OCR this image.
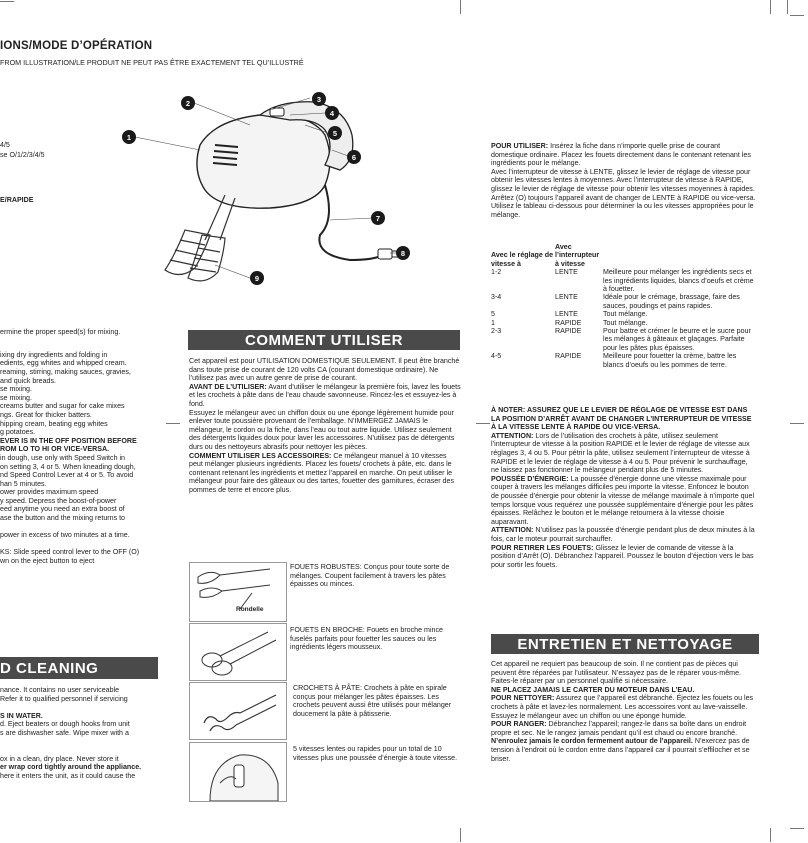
IONS/MODE D’OPÉRATION
FROM ILLUSTRATION/LE PRODUIT NE PEUT PAS ÊTRE EXACTEMENT TEL QU’ILLUSTRÉ
4/5
se O/1/2/3/4/5
E/RAPIDE
1
2	3
4
5
6
7
8
9

ermine the proper speed(s) for mixing.

ixing dry ingredients and folding in

edients, egg whites and whipped cream.

reaming, stirring, making sauces, gravies,

and quick breads.

se mixing.

se mixing.

creams butter and sugar for cake mixes

ngs. Great for thicker batters.

hipping cream, beating egg whites

g potatoes.

EVER IS IN THE OFF POSITION BEFORE

ROM LO TO HI OR VICE-VERSA.

in dough, use only with Speed Switch in

on setting 3, 4 or 5. When kneading dough,

nd Speed Control Lever at 4 or 5. To avoid

han 5 minutes.

ower provides maximum speed

y speed. Depress the boost-of-power

eed anytime you need an extra boost of

ase the button and the mixing returns to

power in excess of two minutes at a time.

KS: Slide speed control lever to the OFF (O)

wn on the eject button to eject

D CLEANING

nance. It contains no user serviceable

Refer it to qualified personnel if servicing

S IN WATER.

d. Eject beaters or dough hooks from unit

s are dishwasher safe. Wipe mixer with a

ox in a clean, dry place. Never store it

er wrap cord tightly around the appliance.

here it enters the unit, as it could cause the

COMMENT UTILISER

Cet appareil est pour UTILISATION DOMESTIQUE SEULEMENT. Il peut être branché dans toute prise de courant de 120 volts CA (courant domestique ordinaire). Ne l’utilisez pas avec un autre genre de prise de courant.

AVANT DE L’UTILISER: Avant d’utiliser le mélangeur la première fois, lavez les fouets et les crochets à pâte dans de l’eau chaude savonneuse. Rincez-les et essuyez-les à fond.

Essuyez le mélangeur avec un chiffon doux ou une éponge légèrement humide pour enlever toute poussière provenant de l’emballage. N’IMMERGEZ JAMAIS le mélangeur, le cordon ou la fiche, dans l’eau ou tout autre liquide. Utilisez seulement des détergents liquides doux pour laver les accessoires. N’utilisez pas de détergents durs ou des nettoyeurs abrasifs pour nettoyer les pièces.

COMMENT UTILISER LES ACCESSOIRES: Ce mélangeur manuel à 10 vitesses peut mélanger plusieurs ingrédients. Placez les fouets/ crochets à pâte, etc. dans le contenant retenant les ingrédients et mettez l’appareil en marche. On peut utiliser le mélangeur pour faire des gâteaux ou des tartes, fouetter des garnitures, écraser des pommes de terre et encore plus.

Rondelle
FOUETS ROBUSTES: Conçus pour toute sorte de mélanges. Coupent facilement à travers les pâtes épaisses ou minces.
FOUETS EN BROCHE: Fouets en broche mince fuselés parfaits pour fouetter les sauces ou les ingrédients légers mousseux.
CROCHETS À PÂTE: Crochets à pâte en spirale conçus pour mélanger les pâtes épaisses. Les crochets peuvent aussi être utilisés pour mélanger doucement la pâte à pâtisserie.
5 vitesses lentes ou rapides pour un total de 10 vitesses plus une poussée d’énergie à toute vitesse.

POUR UTILISER: Insérez la fiche dans n’importe quelle prise de courant domestique ordinaire. Placez les fouets directement dans le contenant retenant les ingrédients pour le mélange.

Avec l’interrupteur de vitesse à LENTE, glissez le levier de réglage de vitesse pour obtenir les vitesses lentes à moyennes. Avec l’interrupteur de vitesse à RAPIDE, glissez le levier de réglage de vitesse pour obtenir les vitesses moyennes à rapides. Arrêtez (O) toujours l’appareil avant de changer de LENTE à RAPIDE ou vice-versa.

Utilisez le tableau ci-dessous pour déterminer la ou les vitesses appropriées pour le mélange.

Avec le réglage de vitesse à	Avec l’interrupteur à vitesse	
1-2	LENTE	Meilleure pour mélanger les ingrédients secs et les ingrédients liquides, blancs d’oeufs et crème à fouetter.
3-4	LENTE	Idéale pour le crémage, brassage, faire des sauces, poudings et pains rapides.
5	LENTE	Tout mélange.
1	RAPIDE	Tout mélange.
2-3	RAPIDE	Pour battre et crémer le beurre et le sucre pour les mélanges à gâteaux et glaçages. Parfaite pour les pâtes plus épaisses.
4-5	RAPIDE	Meilleure pour fouetter la crème, battre les blancs d’oeufs ou les pommes de terre.

À NOTER: ASSUREZ QUE LE LEVIER DE RÉGLAGE DE VITESSE EST DANS LA POSITION D’ARRÊT AVANT DE CHANGER L’INTERRUPTEUR DE VITESSE À LA VITESSE LENTE À RAPIDE OU VICE-VERSA.

ATTENTION: Lors de l’utilisation des crochets à pâte, utilisez seulement l’interrupteur de vitesse à la position RAPIDE et le levier de réglage de vitesse aux réglages 3, 4 ou 5. Pour pétrir la pâte, utilisez seulement l’interrupteur de vitesse à RAPIDE et le levier de réglage de vitesse à 4 ou 5. Pour prévenir le surchauffage, ne laissez pas fonctionner le mélangeur pendant plus de 5 minutes.

POUSSÉE D’ÉNERGIE: La poussée d’énergie donne une vitesse maximale pour couper à travers les mélanges difficiles peu importe la vitesse. Enfoncez le bouton de poussée d’énergie pour obtenir la vitesse de mélange maximale à n’importe quel temps lorsque vous requérez une poussée supplémentaire d’énergie pour les pâtes épaisses. Relâchez le bouton et le mélange retournera à la vitesse choisie auparavant.

ATTENTION: N’utilisez pas la poussée d’énergie pendant plus de deux minutes à la fois, car le moteur pourrait surchauffer.

POUR RETIRER LES FOUETS: Glissez le levier de comande de vitesse à la position d’Arrêt (O). Débranchez l’appareil. Poussez le bouton d’éjection vers le bas pour sortir les fouets.

ENTRETIEN ET NETTOYAGE

Cet appareil ne requiert pas beaucoup de soin. Il ne contient pas de pièces qui peuvent être réparées par l’utilisateur. N’essayez pas de le réparer vous-même. Faites-le réparer par un personnel qualifié si nécessaire.

NE PLACEZ JAMAIS LE CARTER DU MOTEUR DANS L’EAU.

POUR NETTOYER: Assurez que l’appareil est débranché. Éjectez les fouets ou les crochets à pâte et lavez-les normalement. Les accessoires vont au lave-vaisselle. Essuyez le mélangeur avec un chiffon ou une éponge humide.

POUR RANGER: Débranchez l’appareil; rangez-le dans sa boîte dans un endroit propre et sec. Ne le rangez jamais pendant qu’il est chaud ou encore branché. N’enroulez jamais le cordon fermement autour de l’appareil. N’exercez pas de tension à l’endroit où le cordon entre dans l’appareil car il pourrait s’effilocher et se briser.
